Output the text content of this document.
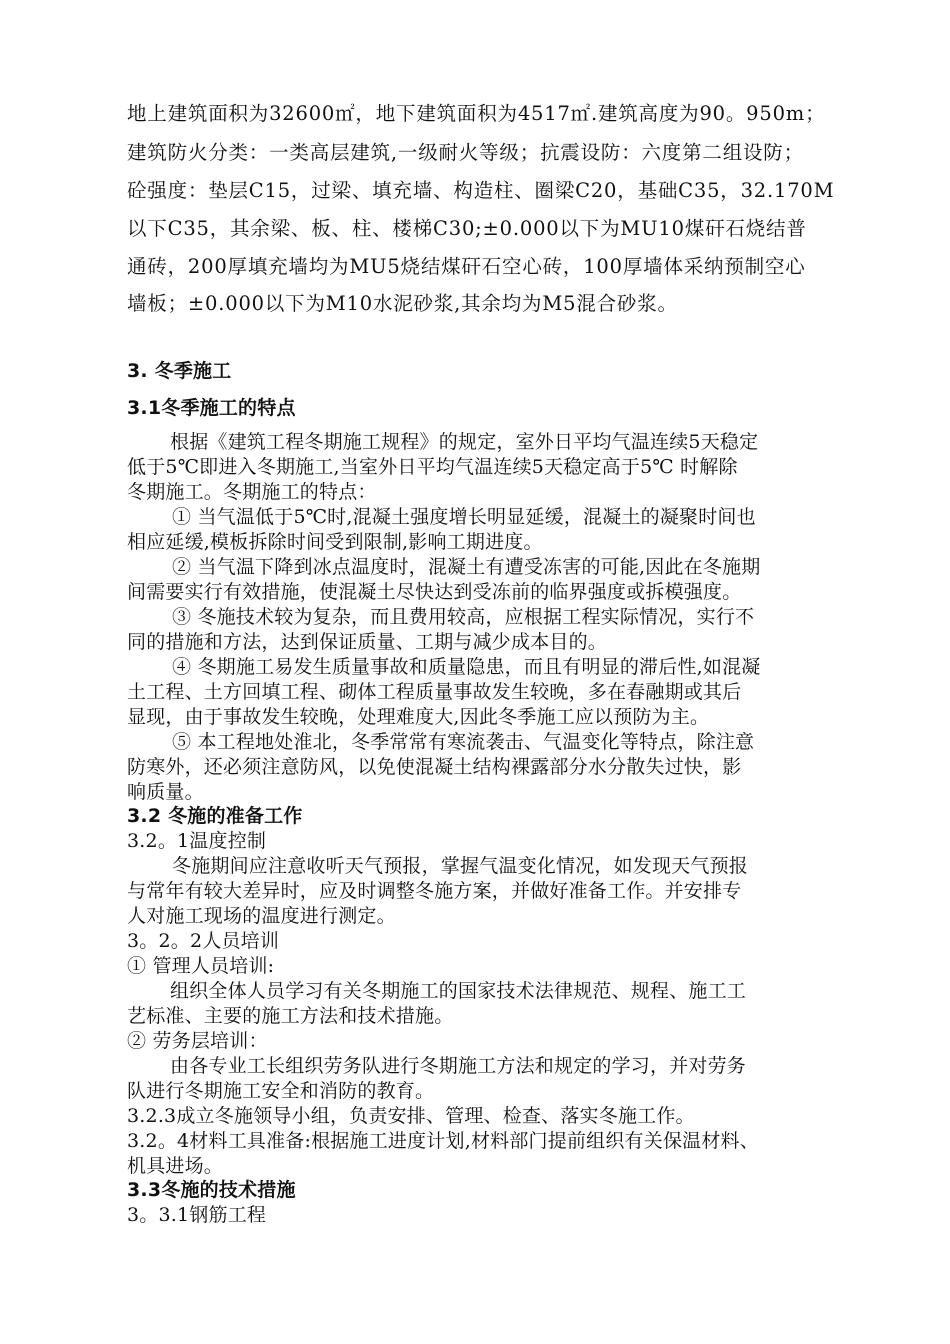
地上建筑面积为32600㎡，地下建筑面积为4517㎡.建筑高度为90。950m；
建筑防火分类：一类高层建筑,一级耐火等级；抗震设防：六度第二组设防；
砼强度：垫层C15，过梁、填充墙、构造柱、圈梁C20，基础C35，32.170M
以下C35，其余梁、板、柱、楼梯C30;±0.000以下为MU10煤矸石烧结普
通砖，200厚填充墙均为MU5烧结煤矸石空心砖，100厚墙体采纳预制空心
墙板；±0.000以下为M10水泥砂浆,其余均为M5混合砂浆。
3. 冬季施工
3.1冬季施工的特点
根据《建筑工程冬期施工规程》的规定，室外日平均气温连续5天稳定
低于5℃即进入冬期施工,当室外日平均气温连续5天稳定高于5℃ 时解除
冬期施工。冬期施工的特点：
① 当气温低于5℃时,混凝土强度增长明显延缓，混凝土的凝聚时间也
相应延缓,模板拆除时间受到限制,影响工期进度。
② 当气温下降到冰点温度时，混凝土有遭受冻害的可能,因此在冬施期
间需要实行有效措施，使混凝土尽快达到受冻前的临界强度或拆模强度。
③ 冬施技术较为复杂，而且费用较高，应根据工程实际情况，实行不
同的措施和方法，达到保证质量、工期与减少成本目的。
④ 冬期施工易发生质量事故和质量隐患，而且有明显的滞后性,如混凝
土工程、土方回填工程、砌体工程质量事故发生较晚，多在春融期或其后
显现，由于事故发生较晚，处理难度大,因此冬季施工应以预防为主。
⑤ 本工程地处淮北，冬季常常有寒流袭击、气温变化等特点，除注意
防寒外，还必须注意防风，以免使混凝土结构裸露部分水分散失过快，影
响质量。
3.2 冬施的准备工作
3.2。1温度控制
冬施期间应注意收听天气预报，掌握气温变化情况，如发现天气预报
与常年有较大差异时，应及时调整冬施方案，并做好准备工作。并安排专
人对施工现场的温度进行测定。
3。2。2人员培训
① 管理人员培训:
组织全体人员学习有关冬期施工的国家技术法律规范、规程、施工工
艺标准、主要的施工方法和技术措施。
② 劳务层培训：
由各专业工长组织劳务队进行冬期施工方法和规定的学习，并对劳务
队进行冬期施工安全和消防的教育。
3.2.3成立冬施领导小组，负责安排、管理、检查、落实冬施工作。
3.2。4材料工具准备:根据施工进度计划,材料部门提前组织有关保温材料、
机具进场。
3.3冬施的技术措施
3。3.1钢筋工程
